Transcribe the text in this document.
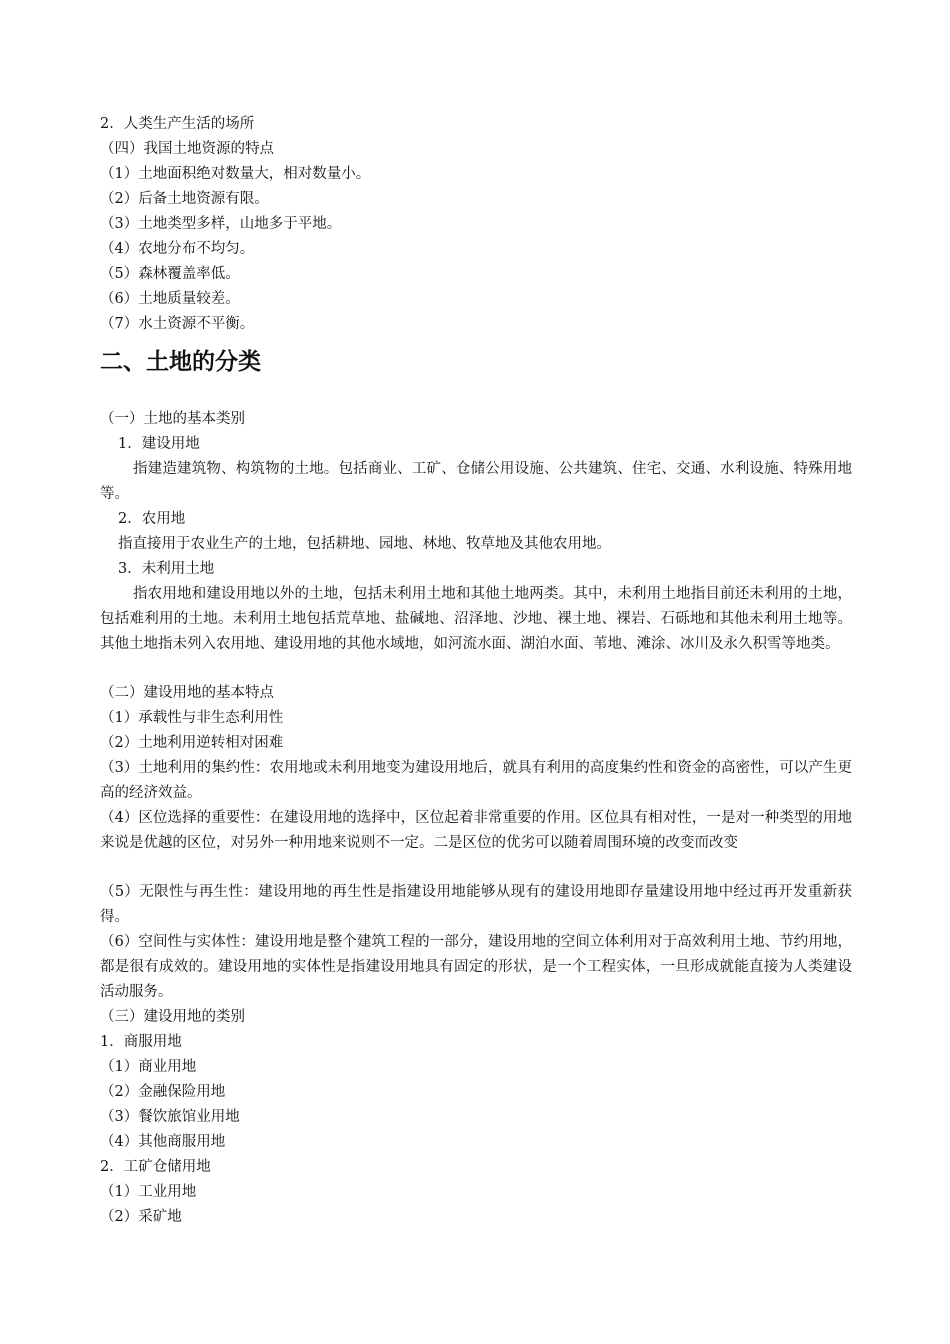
2．人类生产生活的场所
（四）我国土地资源的特点
（1）土地面积绝对数量大，相对数量小。
（2）后备土地资源有限。
（3）土地类型多样，山地多于平地。
（4）农地分布不均匀。
（5）森林覆盖率低。
（6）土地质量较差。
（7）水土资源不平衡。
二、土地的分类
（一）土地的基本类别
1．建设用地
指建造建筑物、构筑物的土地。包括商业、工矿、仓储公用设施、公共建筑、住宅、交通、水利设施、特殊用地等。
2．农用地
指直接用于农业生产的土地，包括耕地、园地、林地、牧草地及其他农用地。
3．未利用土地
指农用地和建设用地以外的土地，包括未利用土地和其他土地两类。其中，未利用土地指目前还未利用的土地，包括难利用的土地。未利用土地包括荒草地、盐碱地、沼泽地、沙地、裸土地、裸岩、石砾地和其他未利用土地等。其他土地指未列入农用地、建设用地的其他水域地，如河流水面、湖泊水面、苇地、滩涂、冰川及永久积雪等地类。
（二）建设用地的基本特点
（1）承载性与非生态利用性
（2）土地利用逆转相对困难
（3）土地利用的集约性：农用地或未利用地变为建设用地后，就具有利用的高度集约性和资金的高密性，可以产生更高的经济效益。
（4）区位选择的重要性：在建设用地的选择中，区位起着非常重要的作用。区位具有相对性，一是对一种类型的用地来说是优越的区位，对另外一种用地来说则不一定。二是区位的优劣可以随着周围环境的改变而改变
（5）无限性与再生性：建设用地的再生性是指建设用地能够从现有的建设用地即存量建设用地中经过再开发重新获得。
（6）空间性与实体性：建设用地是整个建筑工程的一部分，建设用地的空间立体利用对于高效利用土地、节约用地，都是很有成效的。建设用地的实体性是指建设用地具有固定的形状，是一个工程实体，一旦形成就能直接为人类建设活动服务。
（三）建设用地的类别
1．商服用地
（1）商业用地
（2）金融保险用地
（3）餐饮旅馆业用地
（4）其他商服用地
2．工矿仓储用地
（1）工业用地
（2）采矿地
